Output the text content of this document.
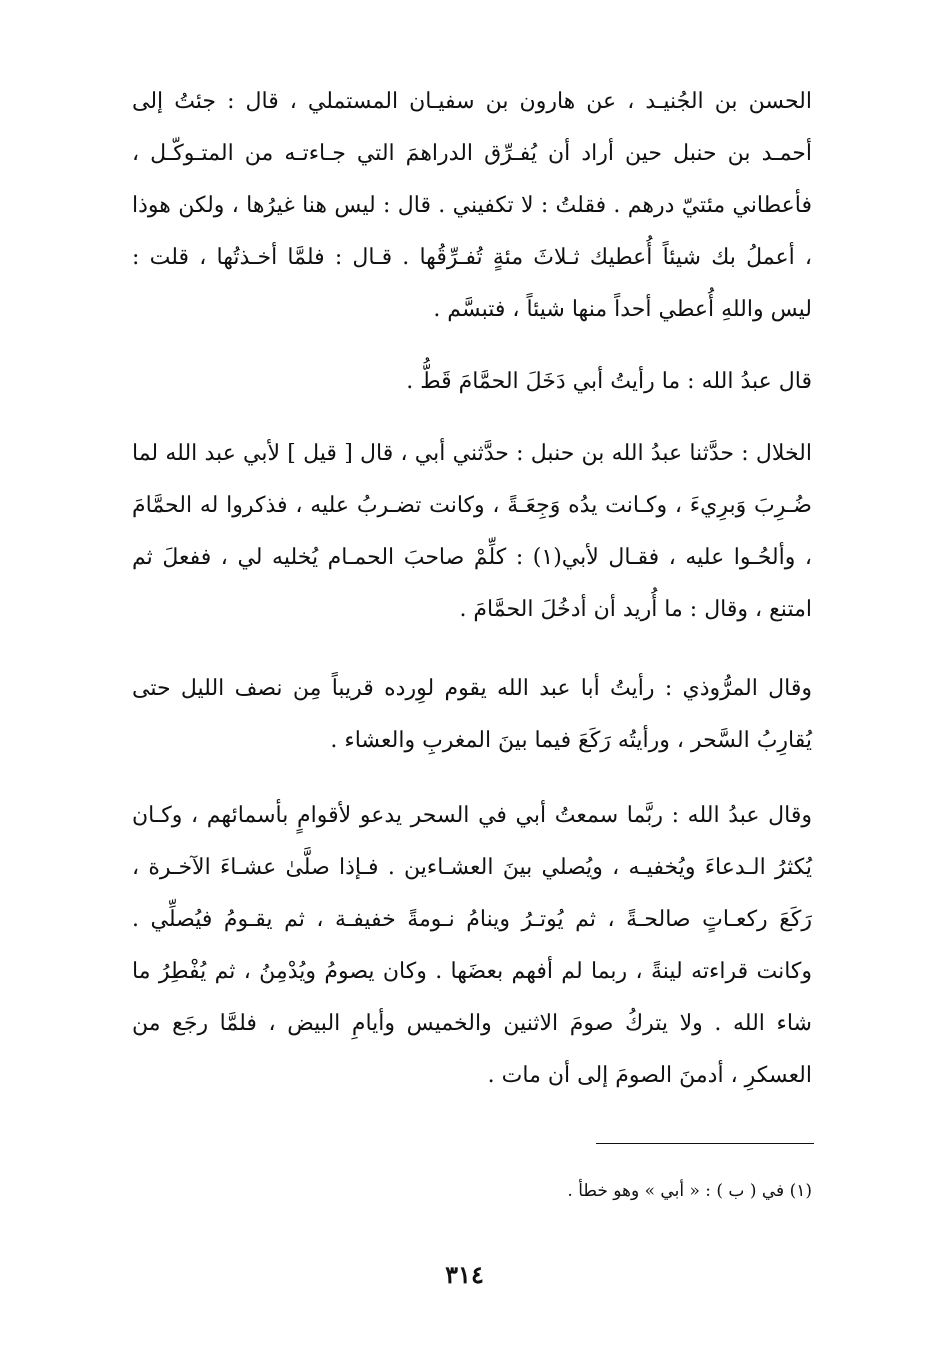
الحسن بن الجُنيـد ، عن هارون بن سفيـان المستملي ، قال : جئتُ إلى أحمـد بن حنبل حين أراد أن يُفـرِّق الدراهمَ التي جـاءتـه من المتـوكّـل ، فأعطاني مئتيّ درهم . فقلتُ : لا تكفيني . قال : ليس هنا غيرُها ، ولكن هوذا ، أعملُ بك شيئاً أُعطيك ثـلاثَ مئةٍ تُفـرِّقُها . قـال : فلمَّا أخـذتُها ، قلت : ليس واللهِ أُعطي أحداً منها شيئاً ، فتبسَّم .

قال عبدُ الله : ما رأيتُ أبي دَخَلَ الحمَّامَ قَطُّ .

الخلال : حدَّثنا عبدُ الله بن حنبل : حدَّثني أبي ، قال [ قيل ] لأبي عبد الله لما ضُـرِبَ وَبرِيءَ ، وكـانت يدُه وَجِعَـةً ، وكانت تضـربُ عليه ، فذكروا له الحمَّامَ ، وألحُـوا عليه ، فقـال لأبي(١) : كلِّمْ صاحبَ الحمـام يُخليه لي ، ففعلَ ثم امتنع ، وقال : ما أُريد أن أدخُلَ الحمَّامَ .

وقال المرُّوذي : رأيتُ أبا عبد الله يقوم لوِرده قريباً مِن نصف الليل حتى يُقارِبُ السَّحر ، ورأيتُه رَكَعَ فيما بينَ المغربِ والعشاء .

وقال عبدُ الله : ربَّما سمعتُ أبي في السحر يدعو لأقوامٍ بأسمائهم ، وكـان يُكثرُ الـدعاءَ ويُخفيـه ، ويُصلي بينَ العشـاءين . فـإذا صلَّىٰ عشـاءَ الآخـرة ، رَكَعَ ركعـاتٍ صالحـةً ، ثم يُوتـرُ وينامُ نـومةً خفيفـة ، ثم يقـومُ فيُصلِّي . وكانت قراءته لينةً ، ربما لم أفهم بعضَها . وكان يصومُ ويُدْمِنُ ، ثم يُفْطِرُ ما شاء الله . ولا يتركُ صومَ الاثنين والخميس وأيامِ البيض ، فلمَّا رجَع من العسكرِ ، أدمنَ الصومَ إلى أن مات .

(١) في ( ب ) : « أبي » وهو خطأ .

٣١٤
